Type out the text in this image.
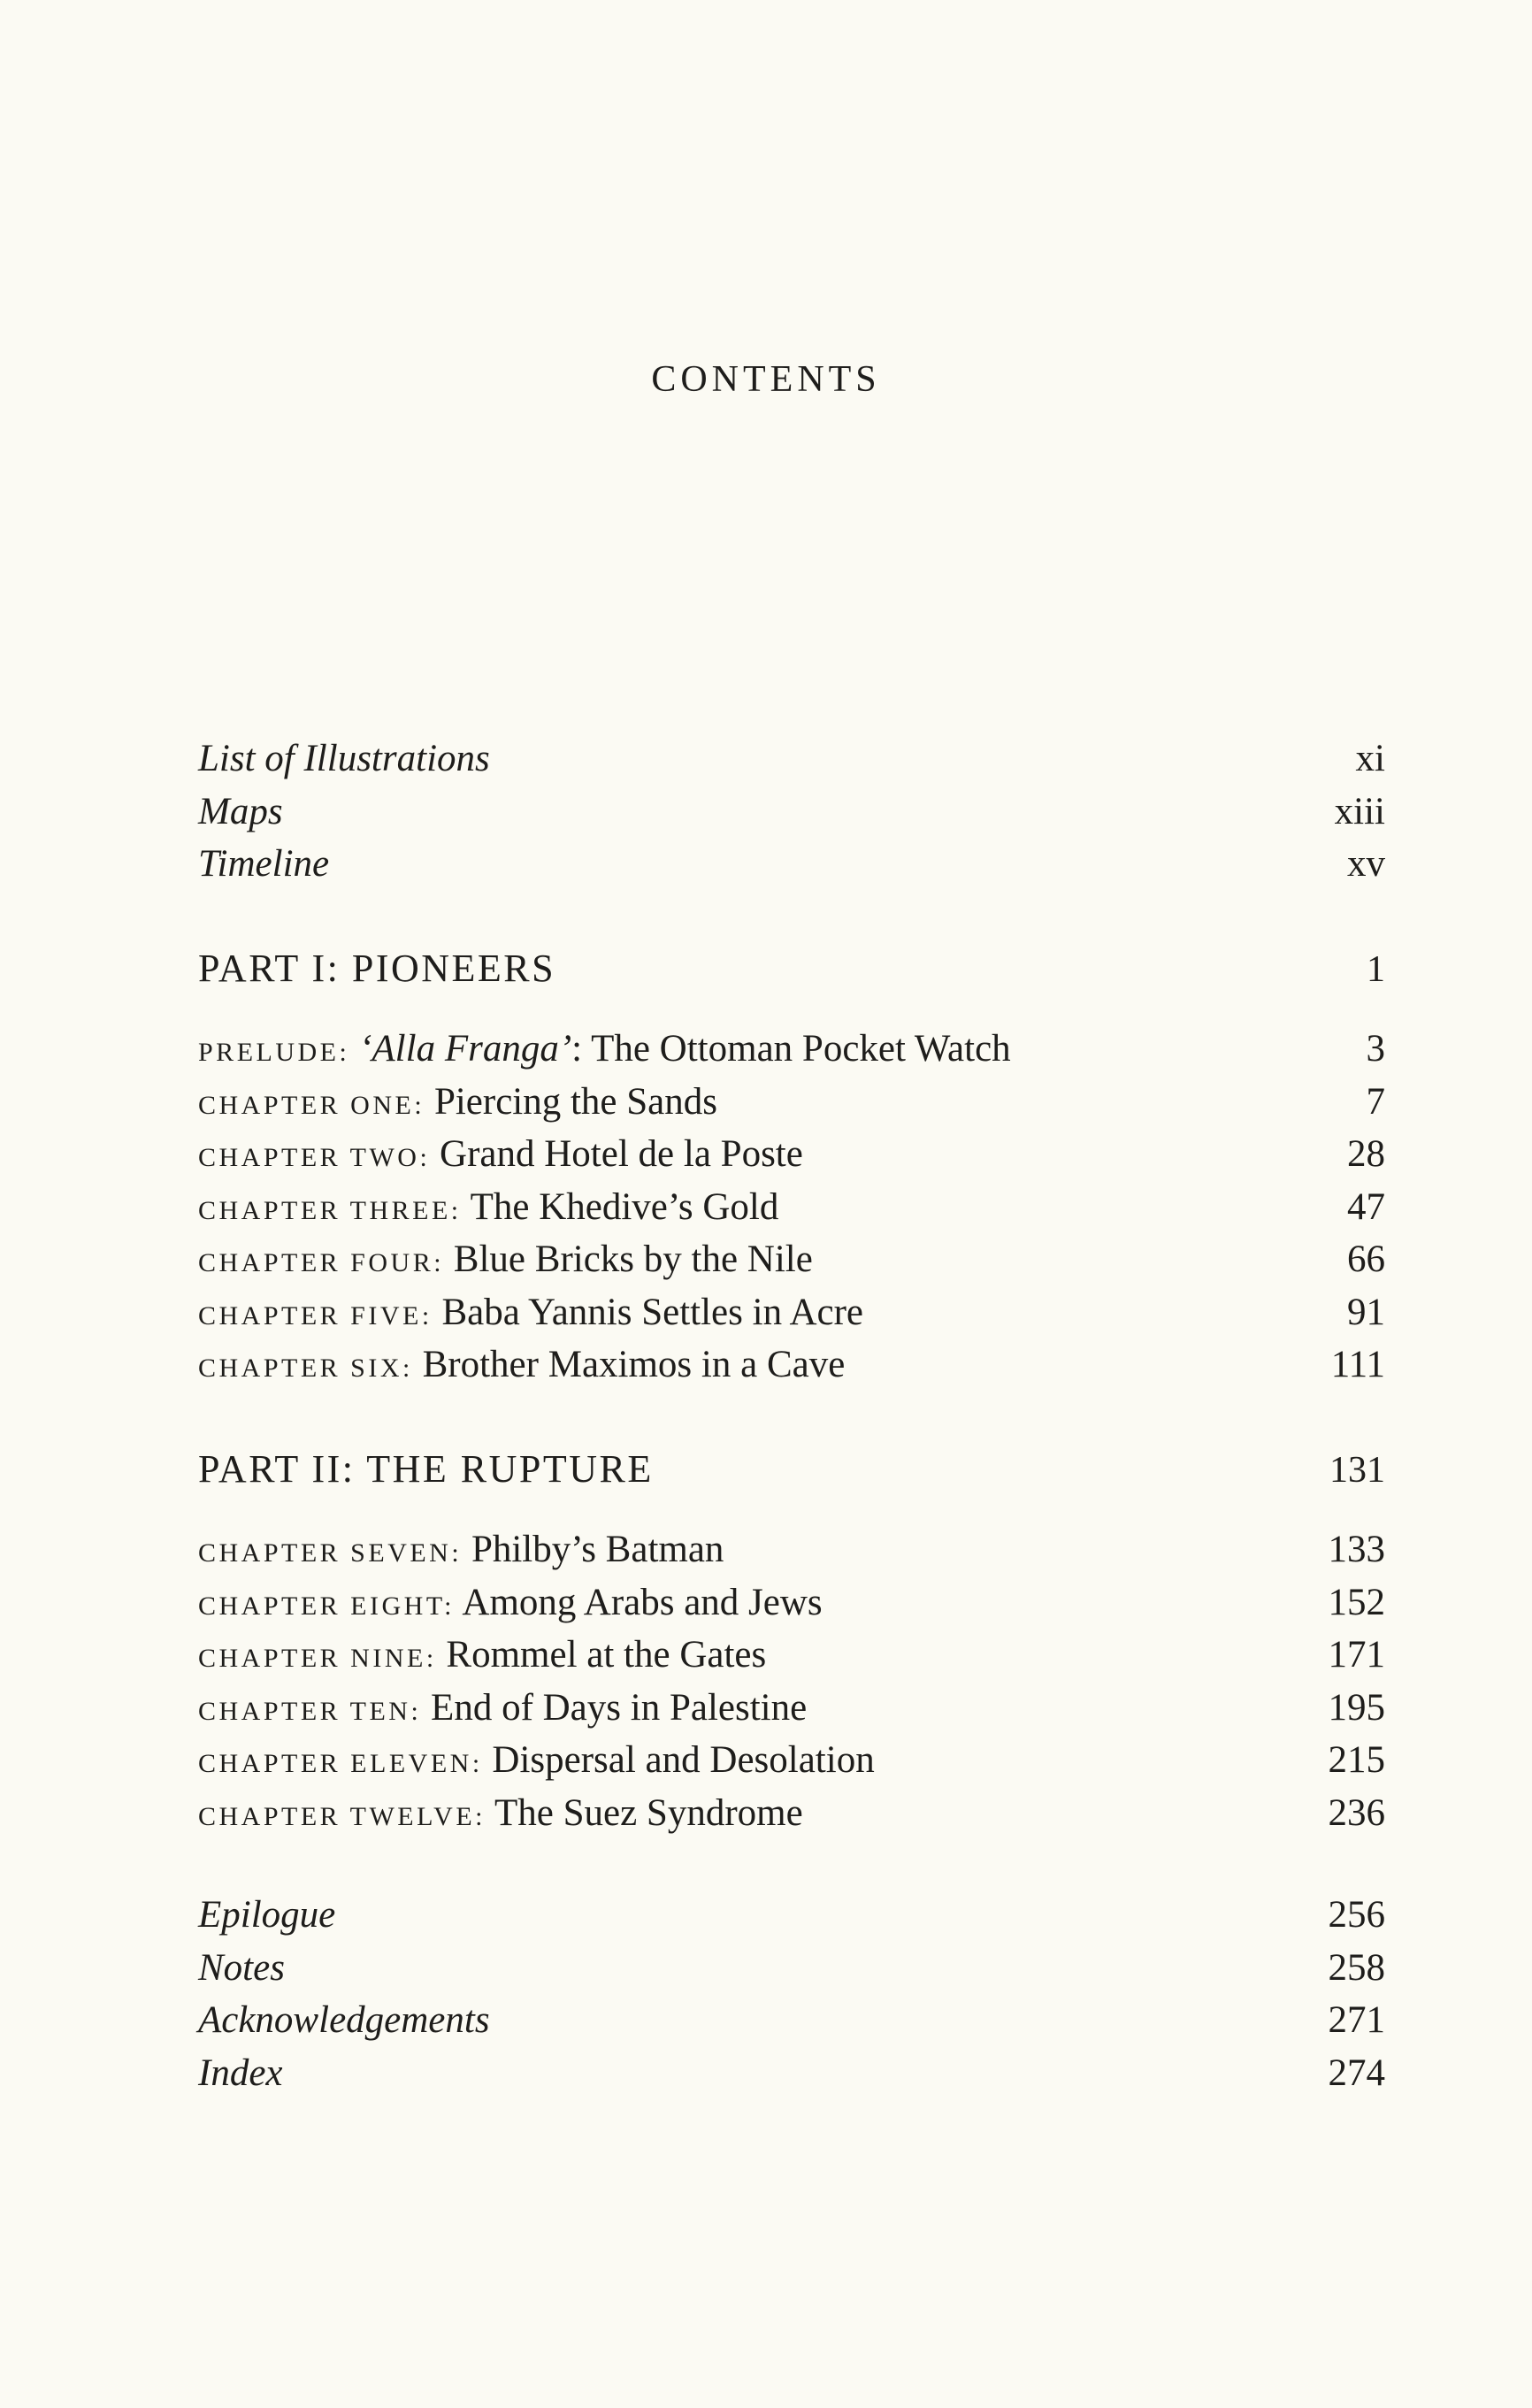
CONTENTS
List of Illustrations	xi
Maps	xiii
Timeline	xv
PART I: PIONEERS	1
PRELUDE: ‘Alla Franga’: The Ottoman Pocket Watch	3
CHAPTER ONE: Piercing the Sands	7
CHAPTER TWO: Grand Hotel de la Poste	28
CHAPTER THREE: The Khedive’s Gold	47
CHAPTER FOUR: Blue Bricks by the Nile	66
CHAPTER FIVE: Baba Yannis Settles in Acre	91
CHAPTER SIX: Brother Maximos in a Cave	111
PART II: THE RUPTURE	131
CHAPTER SEVEN: Philby’s Batman	133
CHAPTER EIGHT: Among Arabs and Jews	152
CHAPTER NINE: Rommel at the Gates	171
CHAPTER TEN: End of Days in Palestine	195
CHAPTER ELEVEN: Dispersal and Desolation	215
CHAPTER TWELVE: The Suez Syndrome	236
Epilogue	256
Notes	258
Acknowledgements	271
Index	274
